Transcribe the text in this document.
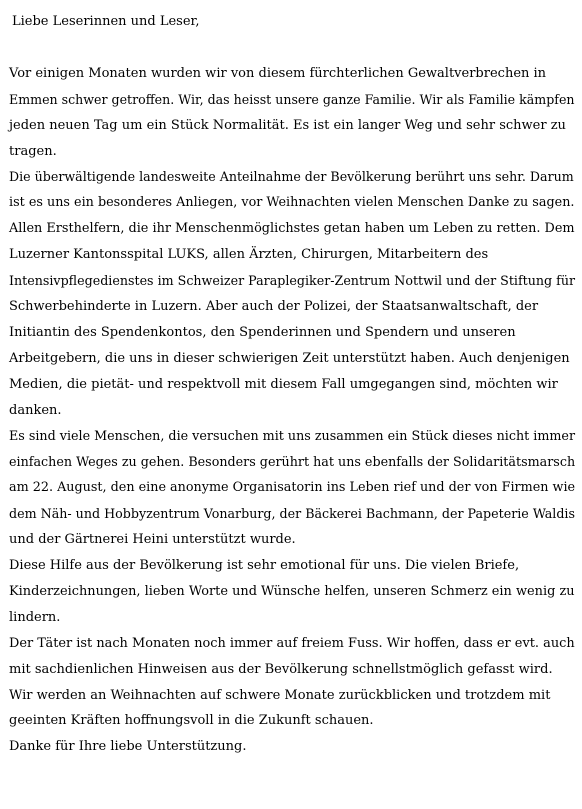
Liebe Leserinnen und Leser,

Vor einigen Monaten wurden wir von diesem fürchterlichen Gewaltverbrechen in
Emmen schwer getroffen. Wir, das heisst unsere ganze Familie. Wir als Familie kämpfen
jeden neuen Tag um ein Stück Normalität. Es ist ein langer Weg und sehr schwer zu
tragen.

Die überwältigende landesweite Anteilnahme der Bevölkerung berührt uns sehr. Darum
ist es uns ein besonderes Anliegen, vor Weihnachten vielen Menschen Danke zu sagen.
Allen Ersthelfern, die ihr Menschenmöglichstes getan haben um Leben zu retten. Dem
Luzerner Kantonsspital LUKS, allen Ärzten, Chirurgen, Mitarbeitern des
Intensivpflegedienstes im Schweizer Paraplegiker-Zentrum Nottwil und der Stiftung für
Schwerbehinderte in Luzern. Aber auch der Polizei, der Staatsanwaltschaft, der
Initiantin des Spendenkontos, den Spenderinnen und Spendern und unseren
Arbeitgebern, die uns in dieser schwierigen Zeit unterstützt haben. Auch denjenigen
Medien, die pietät- und respektvoll mit diesem Fall umgegangen sind, möchten wir
danken.

Es sind viele Menschen, die versuchen mit uns zusammen ein Stück dieses nicht immer
einfachen Weges zu gehen. Besonders gerührt hat uns ebenfalls der Solidaritätsmarsch
am 22. August, den eine anonyme Organisatorin ins Leben rief und der von Firmen wie
dem Näh- und Hobbyzentrum Vonarburg, der Bäckerei Bachmann, der Papeterie Waldis
und der Gärtnerei Heini unterstützt wurde.

Diese Hilfe aus der Bevölkerung ist sehr emotional für uns. Die vielen Briefe,
Kinderzeichnungen, lieben Worte und Wünsche helfen, unseren Schmerz ein wenig zu
lindern.

Der Täter ist nach Monaten noch immer auf freiem Fuss. Wir hoffen, dass er evt. auch
mit sachdienlichen Hinweisen aus der Bevölkerung schnellstmöglich gefasst wird.

Wir werden an Weihnachten auf schwere Monate zurückblicken und trotzdem mit
geeinten Kräften hoffnungsvoll in die Zukunft schauen.

Danke für Ihre liebe Unterstützung.
